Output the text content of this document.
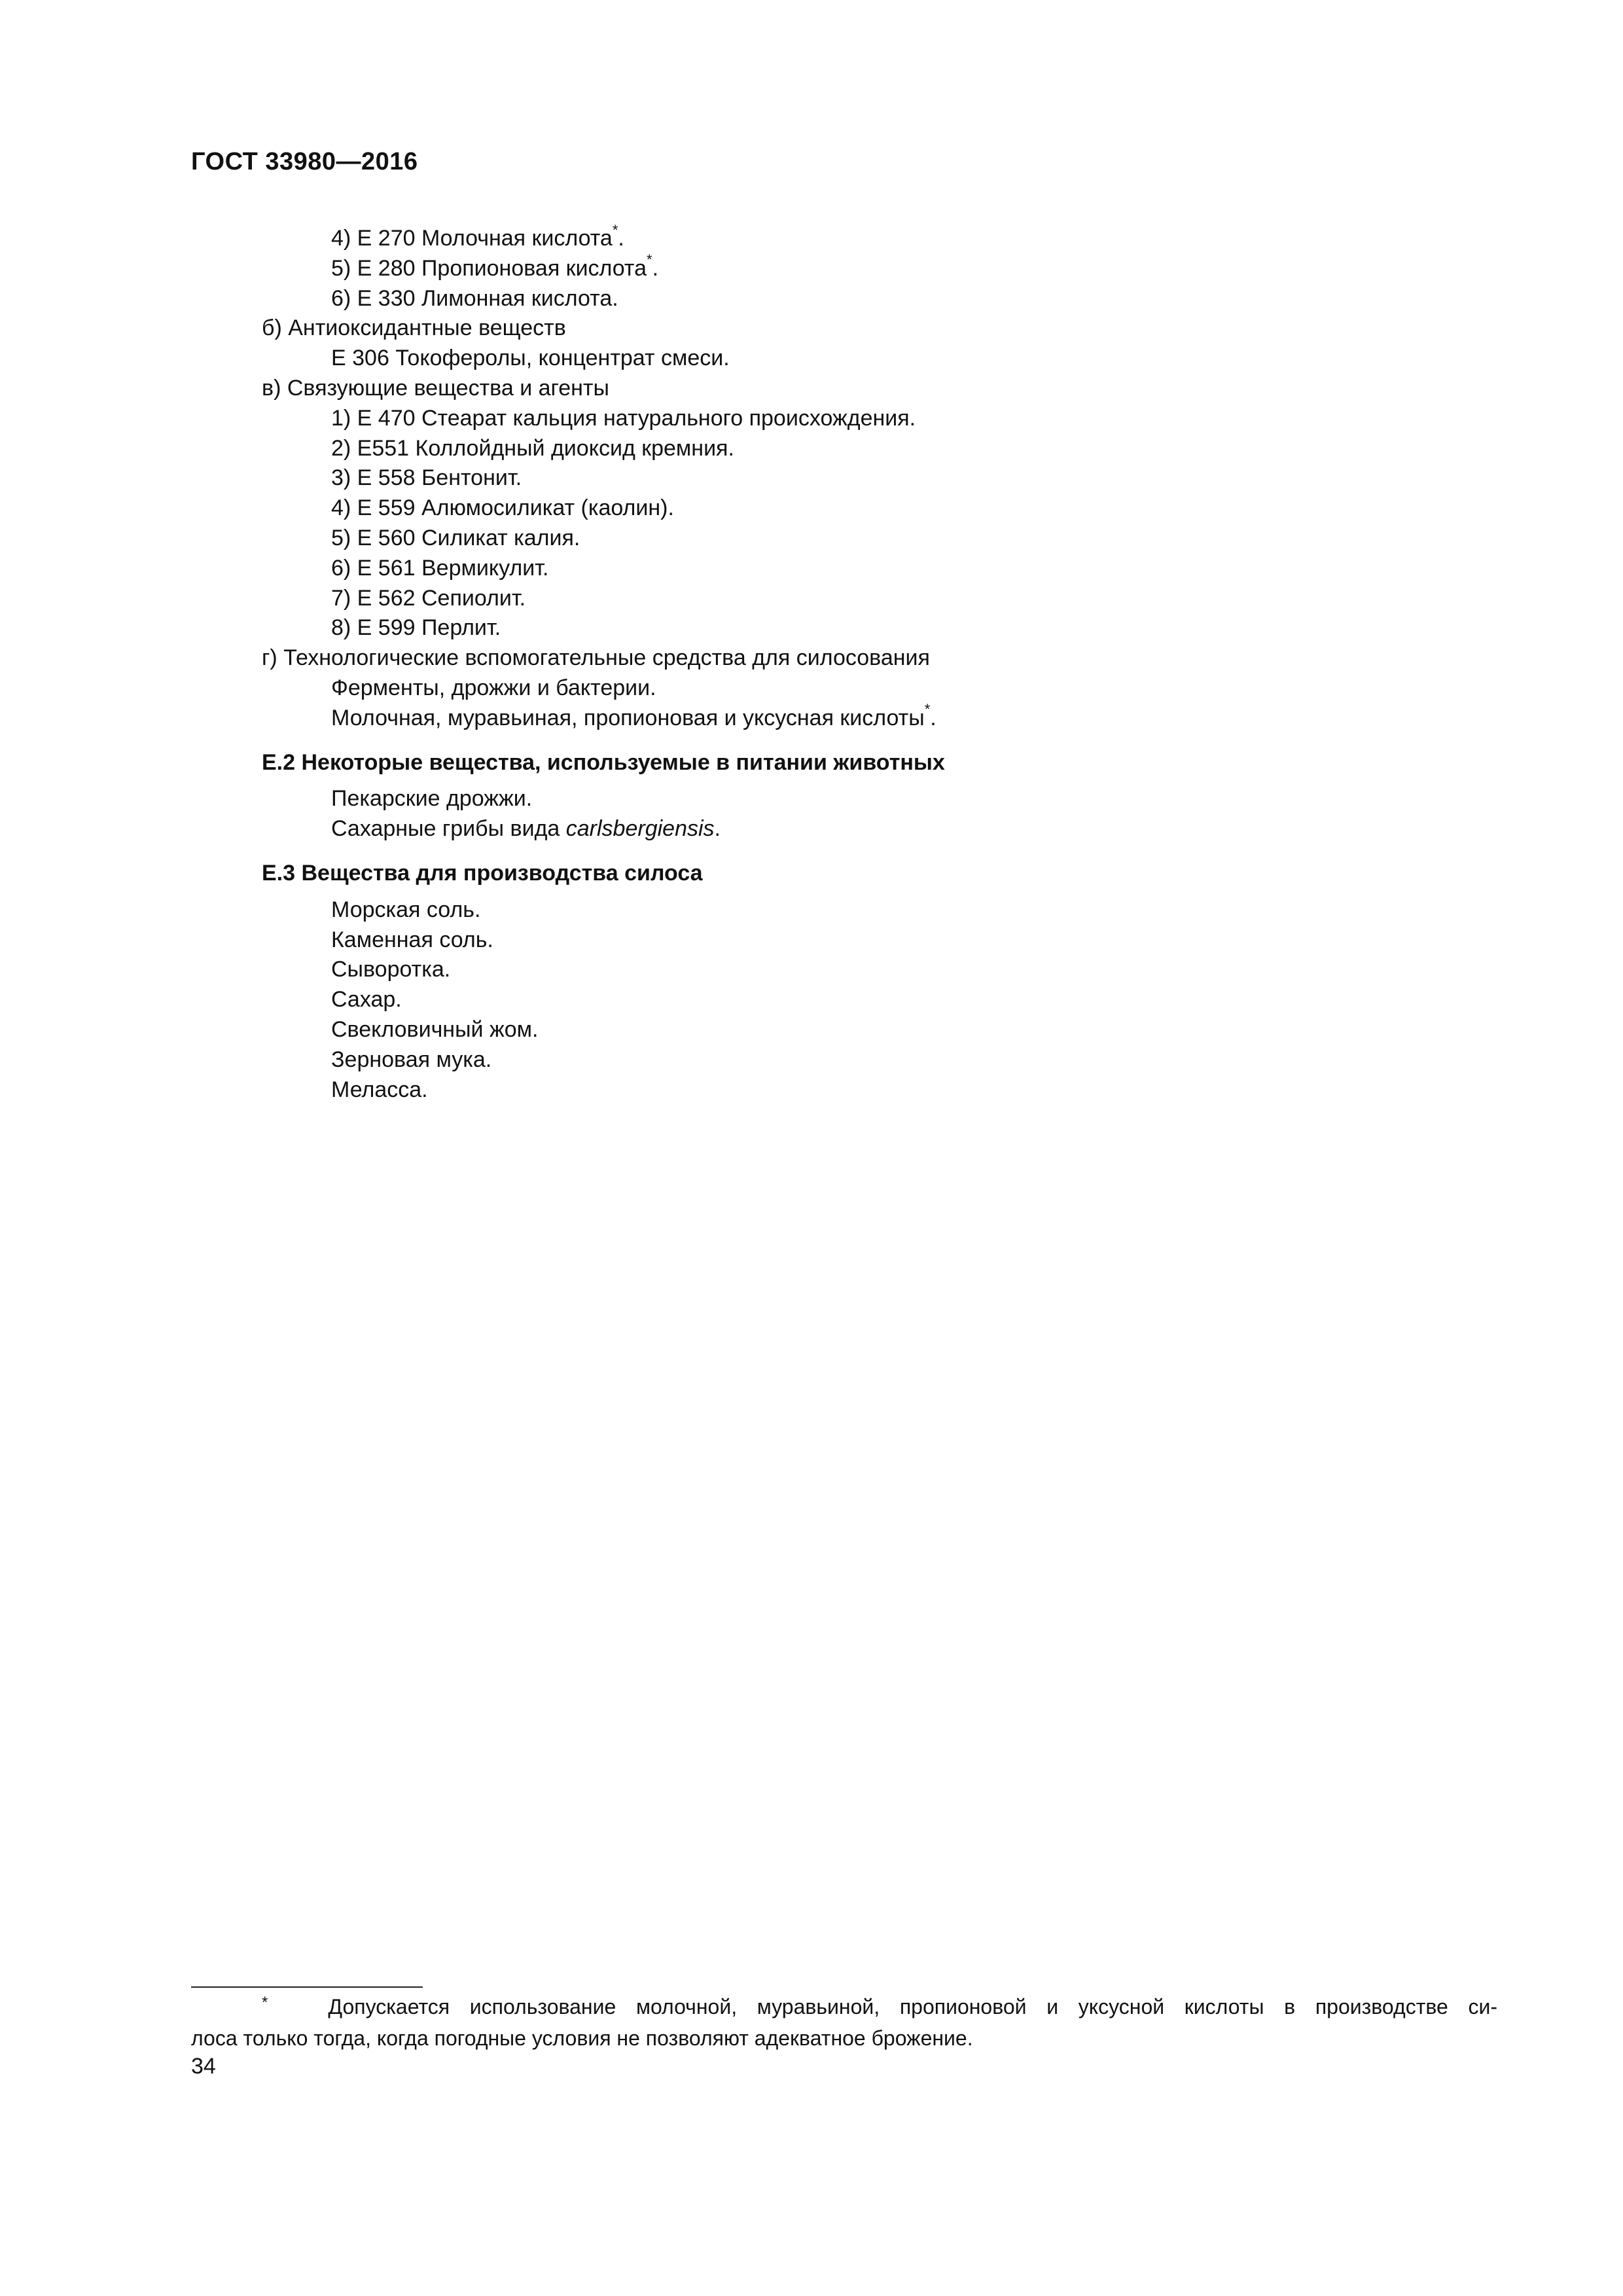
ГОСТ 33980—2016
4) E 270 Молочная кислота*.
5) E 280 Пропионовая кислота*.
6) E 330 Лимонная кислота.
б) Антиоксидантные веществ
E 306 Токоферолы, концентрат смеси.
в) Связующие вещества и агенты
1) E 470 Стеарат кальция натурального происхождения.
2) E551 Коллойдный диоксид кремния.
3) E 558 Бентонит.
4) E 559 Алюмосиликат (каолин).
5) E 560 Силикат калия.
6) E 561 Вермикулит.
7) E 562 Сепиолит.
8) E 599 Перлит.
г) Технологические вспомогательные средства для силосования
Ферменты, дрожжи и бактерии.
Молочная, муравьиная, пропионовая и уксусная кислоты*.
Е.2 Некоторые вещества, используемые в питании животных
Пекарские дрожжи.
Сахарные грибы вида carlsbergiensis.
Е.3 Вещества для производства силоса
Морская соль.
Каменная соль.
Сыворотка.
Сахар.
Свекловичный жом.
Зерновая мука.
Меласса.
*	Допускается использование молочной, муравьиной, пропионовой и уксусной кислоты в производстве си-
лоса только тогда, когда погодные условия не позволяют адекватное брожение.
34
